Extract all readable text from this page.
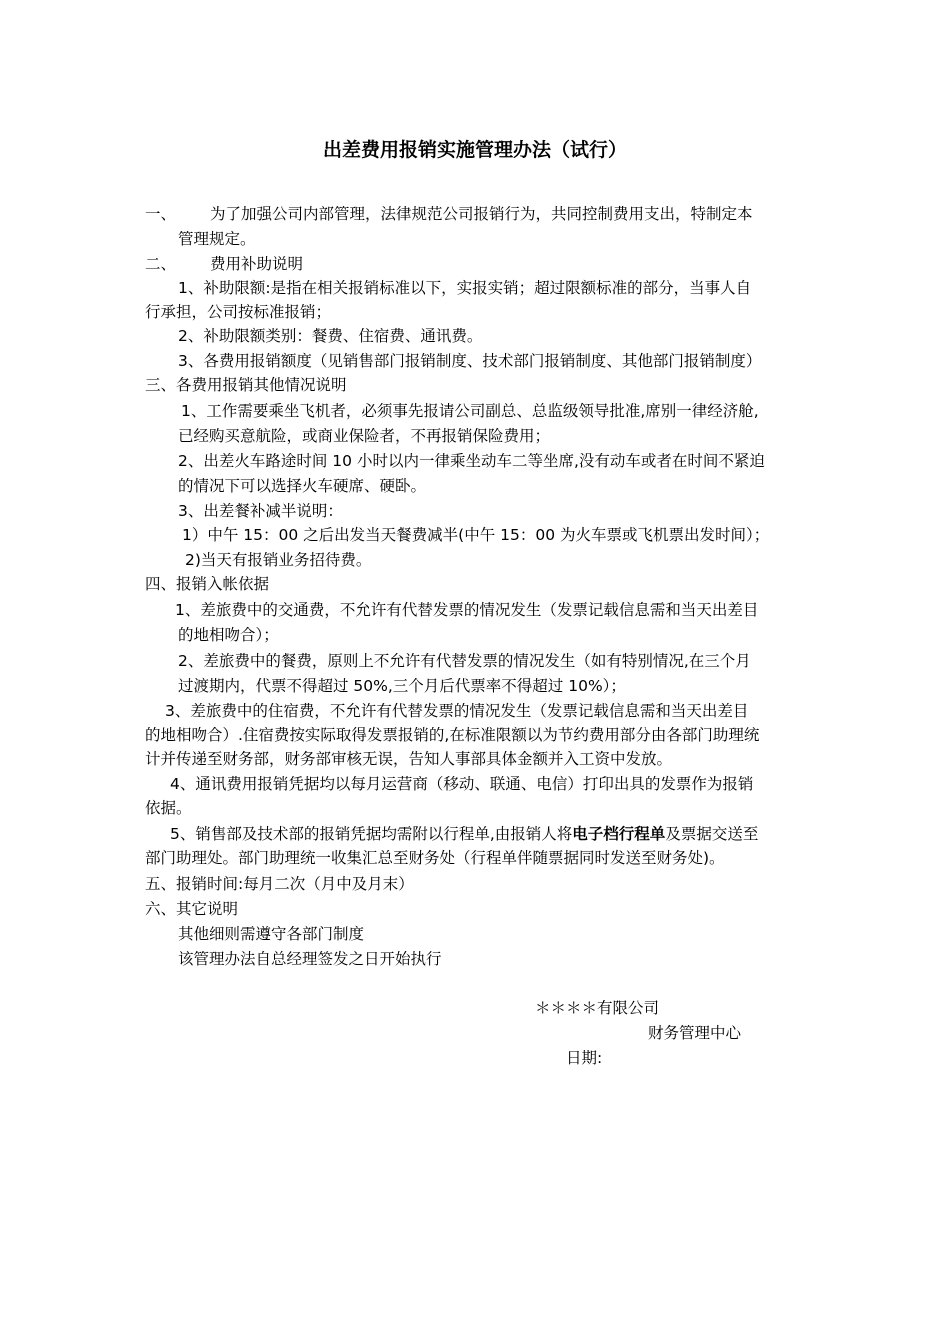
出差费用报销实施管理办法（试行）
一、 为了加强公司内部管理，法律规范公司报销行为，共同控制费用支出，特制定本
管理规定。
二、 费用补助说明
1、补助限额:是指在相关报销标准以下，实报实销；超过限额标准的部分，当事人自
行承担，公司按标准报销；
2、补助限额类别：餐费、住宿费、通讯费。
3、各费用报销额度（见销售部门报销制度、技术部门报销制度、其他部门报销制度）
三、各费用报销其他情况说明
1、工作需要乘坐飞机者，必须事先报请公司副总、总监级领导批准,席别一律经济舱,
已经购买意航险，或商业保险者，不再报销保险费用；
2、出差火车路途时间 10 小时以内一律乘坐动车二等坐席,没有动车或者在时间不紧迫
的情况下可以选择火车硬席、硬卧。
3、出差餐补减半说明：
1）中午 15：00 之后出发当天餐费减半(中午 15：00 为火车票或飞机票出发时间）；
2)当天有报销业务招待费。
四、报销入帐依据
1、差旅费中的交通费，不允许有代替发票的情况发生（发票记载信息需和当天出差目
的地相吻合）；
2、差旅费中的餐费，原则上不允许有代替发票的情况发生（如有特别情况,在三个月
过渡期内，代票不得超过 50%,三个月后代票率不得超过 10%）；
3、差旅费中的住宿费，不允许有代替发票的情况发生（发票记载信息需和当天出差目
的地相吻合）.住宿费按实际取得发票报销的,在标准限额以为节约费用部分由各部门助理统
计并传递至财务部，财务部审核无误，告知人事部具体金额并入工资中发放。
4、通讯费用报销凭据均以每月运营商（移动、联通、电信）打印出具的发票作为报销
依据。
5、销售部及技术部的报销凭据均需附以行程单,由报销人将电子档行程单及票据交送至
部门助理处。部门助理统一收集汇总至财务处（行程单伴随票据同时发送至财务处)。
五、报销时间:每月二次（月中及月末）
六、其它说明
其他细则需遵守各部门制度
该管理办法自总经理签发之日开始执行
＊＊＊＊有限公司
财务管理中心
日期:
